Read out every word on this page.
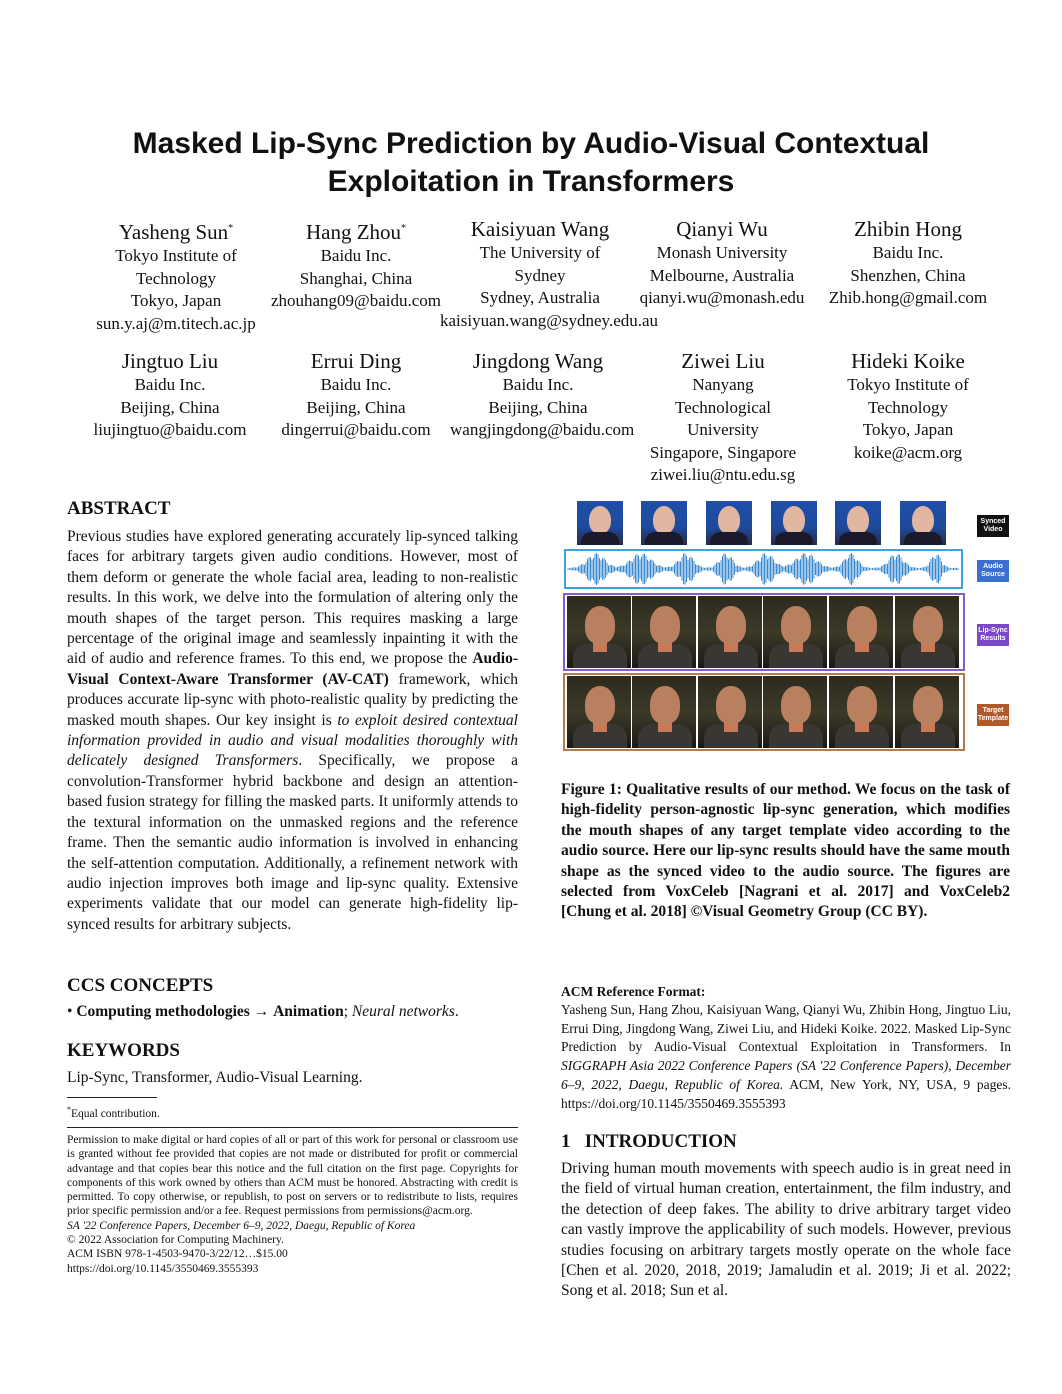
Masked Lip-Sync Prediction by Audio-Visual Contextual
Exploitation in Transformers
Yasheng Sun*
Tokyo Institute of
Technology
Tokyo, Japan
sun.y.aj@m.titech.ac.jp
Hang Zhou*
Baidu Inc.
Shanghai, China
zhouhang09@baidu.com
Kaisiyuan Wang
The University of
Sydney
Sydney, Australia
kaisiyuan.wang@sydney.edu.au
Qianyi Wu
Monash University
Melbourne, Australia
qianyi.wu@monash.edu
Zhibin Hong
Baidu Inc.
Shenzhen, China
Zhib.hong@gmail.com
Jingtuo Liu
Baidu Inc.
Beijing, China
liujingtuo@baidu.com
Errui Ding
Baidu Inc.
Beijing, China
dingerrui@baidu.com
Jingdong Wang
Baidu Inc.
Beijing, China
wangjingdong@baidu.com
Ziwei Liu
Nanyang
Technological
University
Singapore, Singapore
ziwei.liu@ntu.edu.sg
Hideki Koike
Tokyo Institute of
Technology
Tokyo, Japan
koike@acm.org
ABSTRACT
Previous studies have explored generating accurately lip-synced talking faces for arbitrary targets given audio conditions. However, most of them deform or generate the whole facial area, leading to non-realistic results. In this work, we delve into the formulation of altering only the mouth shapes of the target person. This requires masking a large percentage of the original image and seamlessly inpainting it with the aid of audio and reference frames. To this end, we propose the Audio-Visual Context-Aware Transformer (AV-CAT) framework, which produces accurate lip-sync with photo-realistic quality by predicting the masked mouth shapes. Our key insight is to exploit desired contextual information provided in audio and visual modalities thoroughly with delicately designed Transformers. Specifically, we propose a convolution-Transformer hybrid backbone and design an attention-based fusion strategy for filling the masked parts. It uniformly attends to the textural information on the unmasked regions and the reference frame. Then the semantic audio information is involved in enhancing the self-attention computation. Additionally, a refinement network with audio injection improves both image and lip-sync quality. Extensive experiments validate that our model can generate high-fidelity lip-synced results for arbitrary subjects.
CCS CONCEPTS
• Computing methodologies → Animation; Neural networks.
KEYWORDS
Lip-Sync, Transformer, Audio-Visual Learning.
*Equal contribution.
Permission to make digital or hard copies of all or part of this work for personal or classroom use is granted without fee provided that copies are not made or distributed for profit or commercial advantage and that copies bear this notice and the full citation on the first page. Copyrights for components of this work owned by others than ACM must be honored. Abstracting with credit is permitted. To copy otherwise, or republish, to post on servers or to redistribute to lists, requires prior specific permission and/or a fee. Request permissions from permissions@acm.org.
SA '22 Conference Papers, December 6–9, 2022, Daegu, Republic of Korea
© 2022 Association for Computing Machinery.
ACM ISBN 978-1-4503-9470-3/22/12…$15.00
https://doi.org/10.1145/3550469.3555393
Synced Video
Audio Source
Lip-Sync Results
Target Template
Figure 1: Qualitative results of our method. We focus on the task of high-fidelity person-agnostic lip-sync generation, which modifies the mouth shapes of any target template video according to the audio source. Here our lip-sync results should have the same mouth shape as the synced video to the audio source. The figures are selected from VoxCeleb [Nagrani et al. 2017] and VoxCeleb2 [Chung et al. 2018] ©Visual Geometry Group (CC BY).
ACM Reference Format:
Yasheng Sun, Hang Zhou, Kaisiyuan Wang, Qianyi Wu, Zhibin Hong, Jingtuo Liu, Errui Ding, Jingdong Wang, Ziwei Liu, and Hideki Koike. 2022. Masked Lip-Sync Prediction by Audio-Visual Contextual Exploitation in Transformers. In SIGGRAPH Asia 2022 Conference Papers (SA '22 Conference Papers), December 6–9, 2022, Daegu, Republic of Korea. ACM, New York, NY, USA, 9 pages. https://doi.org/10.1145/3550469.3555393
1   INTRODUCTION
Driving human mouth movements with speech audio is in great need in the field of virtual human creation, entertainment, the film industry, and the detection of deep fakes. The ability to drive arbitrary target video can vastly improve the applicability of such models. However, previous studies focusing on arbitrary targets mostly operate on the whole face [Chen et al. 2020, 2018, 2019; Jamaludin et al. 2019; Ji et al. 2022; Song et al. 2018; Sun et al.
